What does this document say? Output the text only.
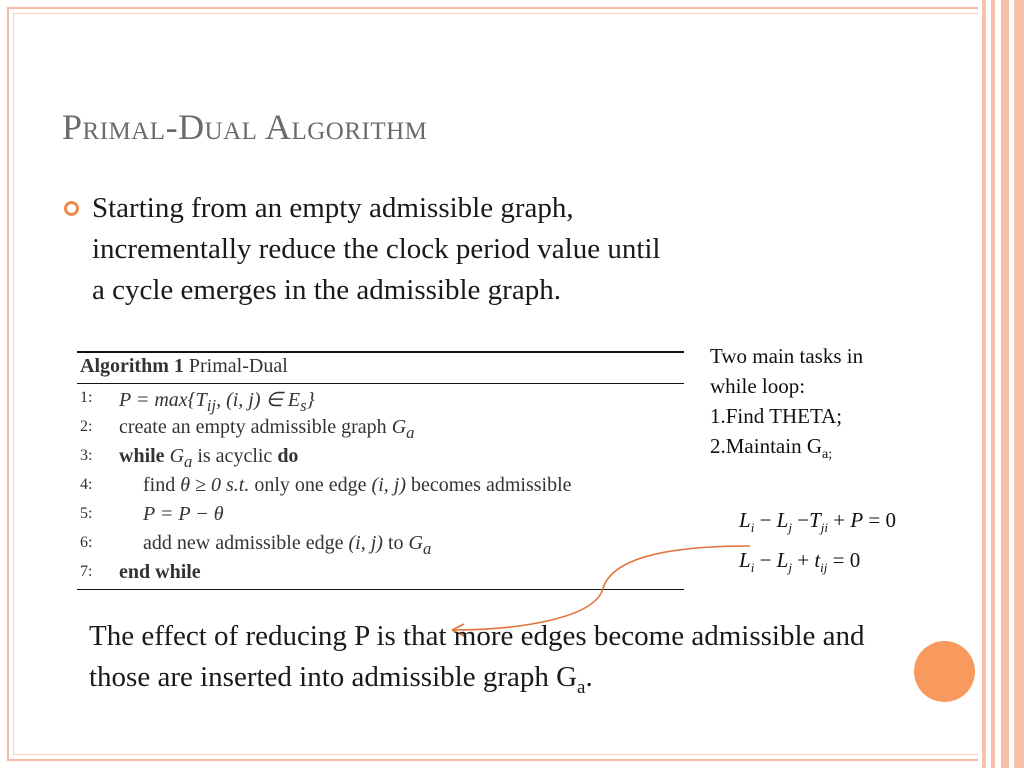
Primal-Dual Algorithm

Starting from an empty admissible graph,
incrementally reduce the clock period value until
a cycle emerges in the admissible graph.

Algorithm 1 Primal-Dual
1: $P = \max\{T_{ij}$, (i, j) ∈ $E_s$}
2: create an empty admissible graph $G_a$
3: while $G_a$ is acyclic do
4:	find θ ≥ 0 s.t. only one edge (i, j) becomes admissible
5:	P = P − θ
6:	add new admissible edge (i, j) to $G_a$
7: end while
Two main tasks in
while loop:
1.Find THETA;
2.Maintain $G_{a;}$
$L_i - L_j -T_{ji} + P = 0$
$L_i - L_j + t_{ij} = 0$

The effect of reducing P is that more edges become admissible and those are inserted into admissible graph $G_a$.
